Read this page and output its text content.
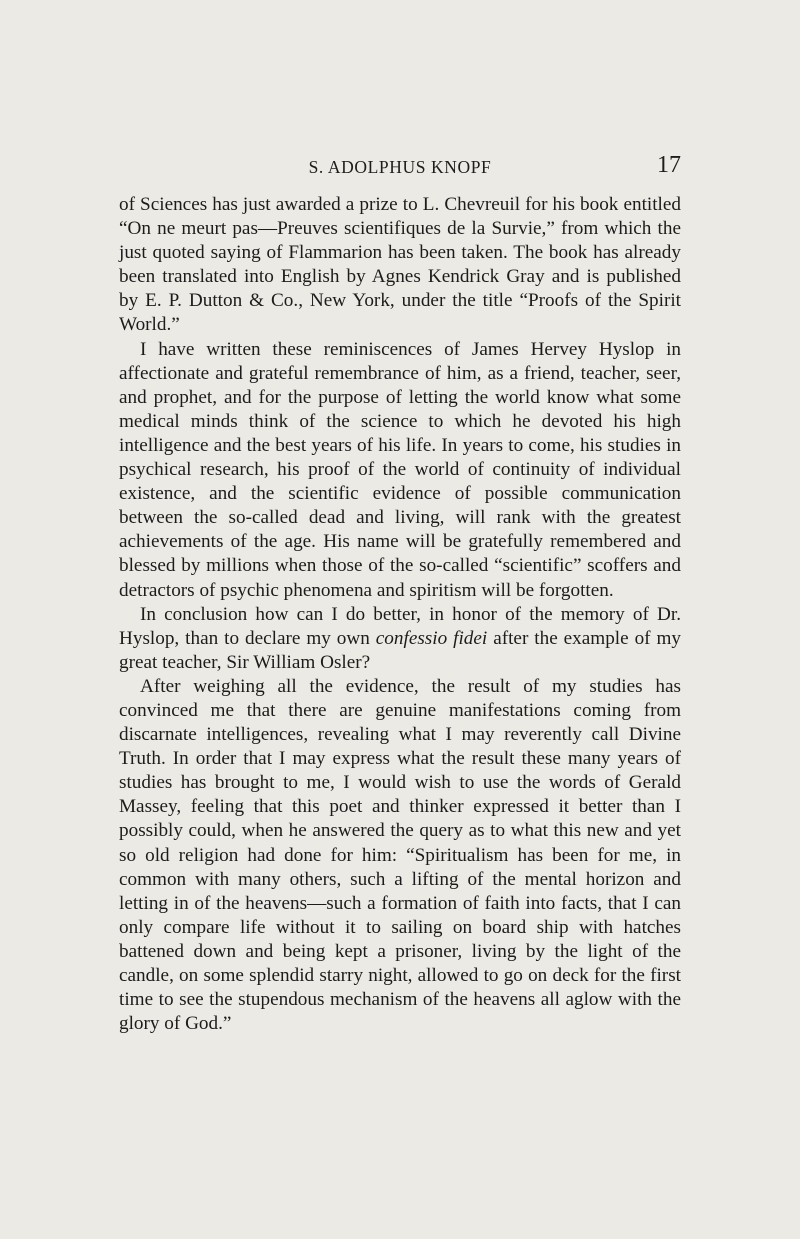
S. ADOLPHUS KNOPF	17

of Sciences has just awarded a prize to L. Chevreuil for his book entitled “On ne meurt pas—Preuves scientifiques de la Survie,” from which the just quoted saying of Flammarion has been taken. The book has already been translated into English by Agnes Kendrick Gray and is published by E. P. Dutton & Co., New York, under the title “Proofs of the Spirit World.”

I have written these reminiscences of James Hervey Hyslop in affectionate and grateful remembrance of him, as a friend, teacher, seer, and prophet, and for the purpose of letting the world know what some medical minds think of the science to which he devoted his high intelligence and the best years of his life. In years to come, his studies in psychical research, his proof of the world of continuity of individual existence, and the scientific evidence of possible communication between the so-called dead and living, will rank with the greatest achievements of the age. His name will be gratefully remembered and blessed by millions when those of the so-called “scientific” scoffers and detractors of psychic phenomena and spiritism will be forgotten.

In conclusion how can I do better, in honor of the memory of Dr. Hyslop, than to declare my own confessio fidei after the example of my great teacher, Sir William Osler?

After weighing all the evidence, the result of my studies has convinced me that there are genuine manifestations coming from discarnate intelligences, revealing what I may reverently call Divine Truth. In order that I may express what the result these many years of studies has brought to me, I would wish to use the words of Gerald Massey, feeling that this poet and thinker expressed it better than I possibly could, when he answered the query as to what this new and yet so old religion had done for him: “Spiritualism has been for me, in common with many others, such a lifting of the mental horizon and letting in of the heavens—such a formation of faith into facts, that I can only compare life without it to sailing on board ship with hatches battened down and being kept a prisoner, living by the light of the candle, on some splendid starry night, allowed to go on deck for the first time to see the stupendous mechanism of the heavens all aglow with the glory of God.”
